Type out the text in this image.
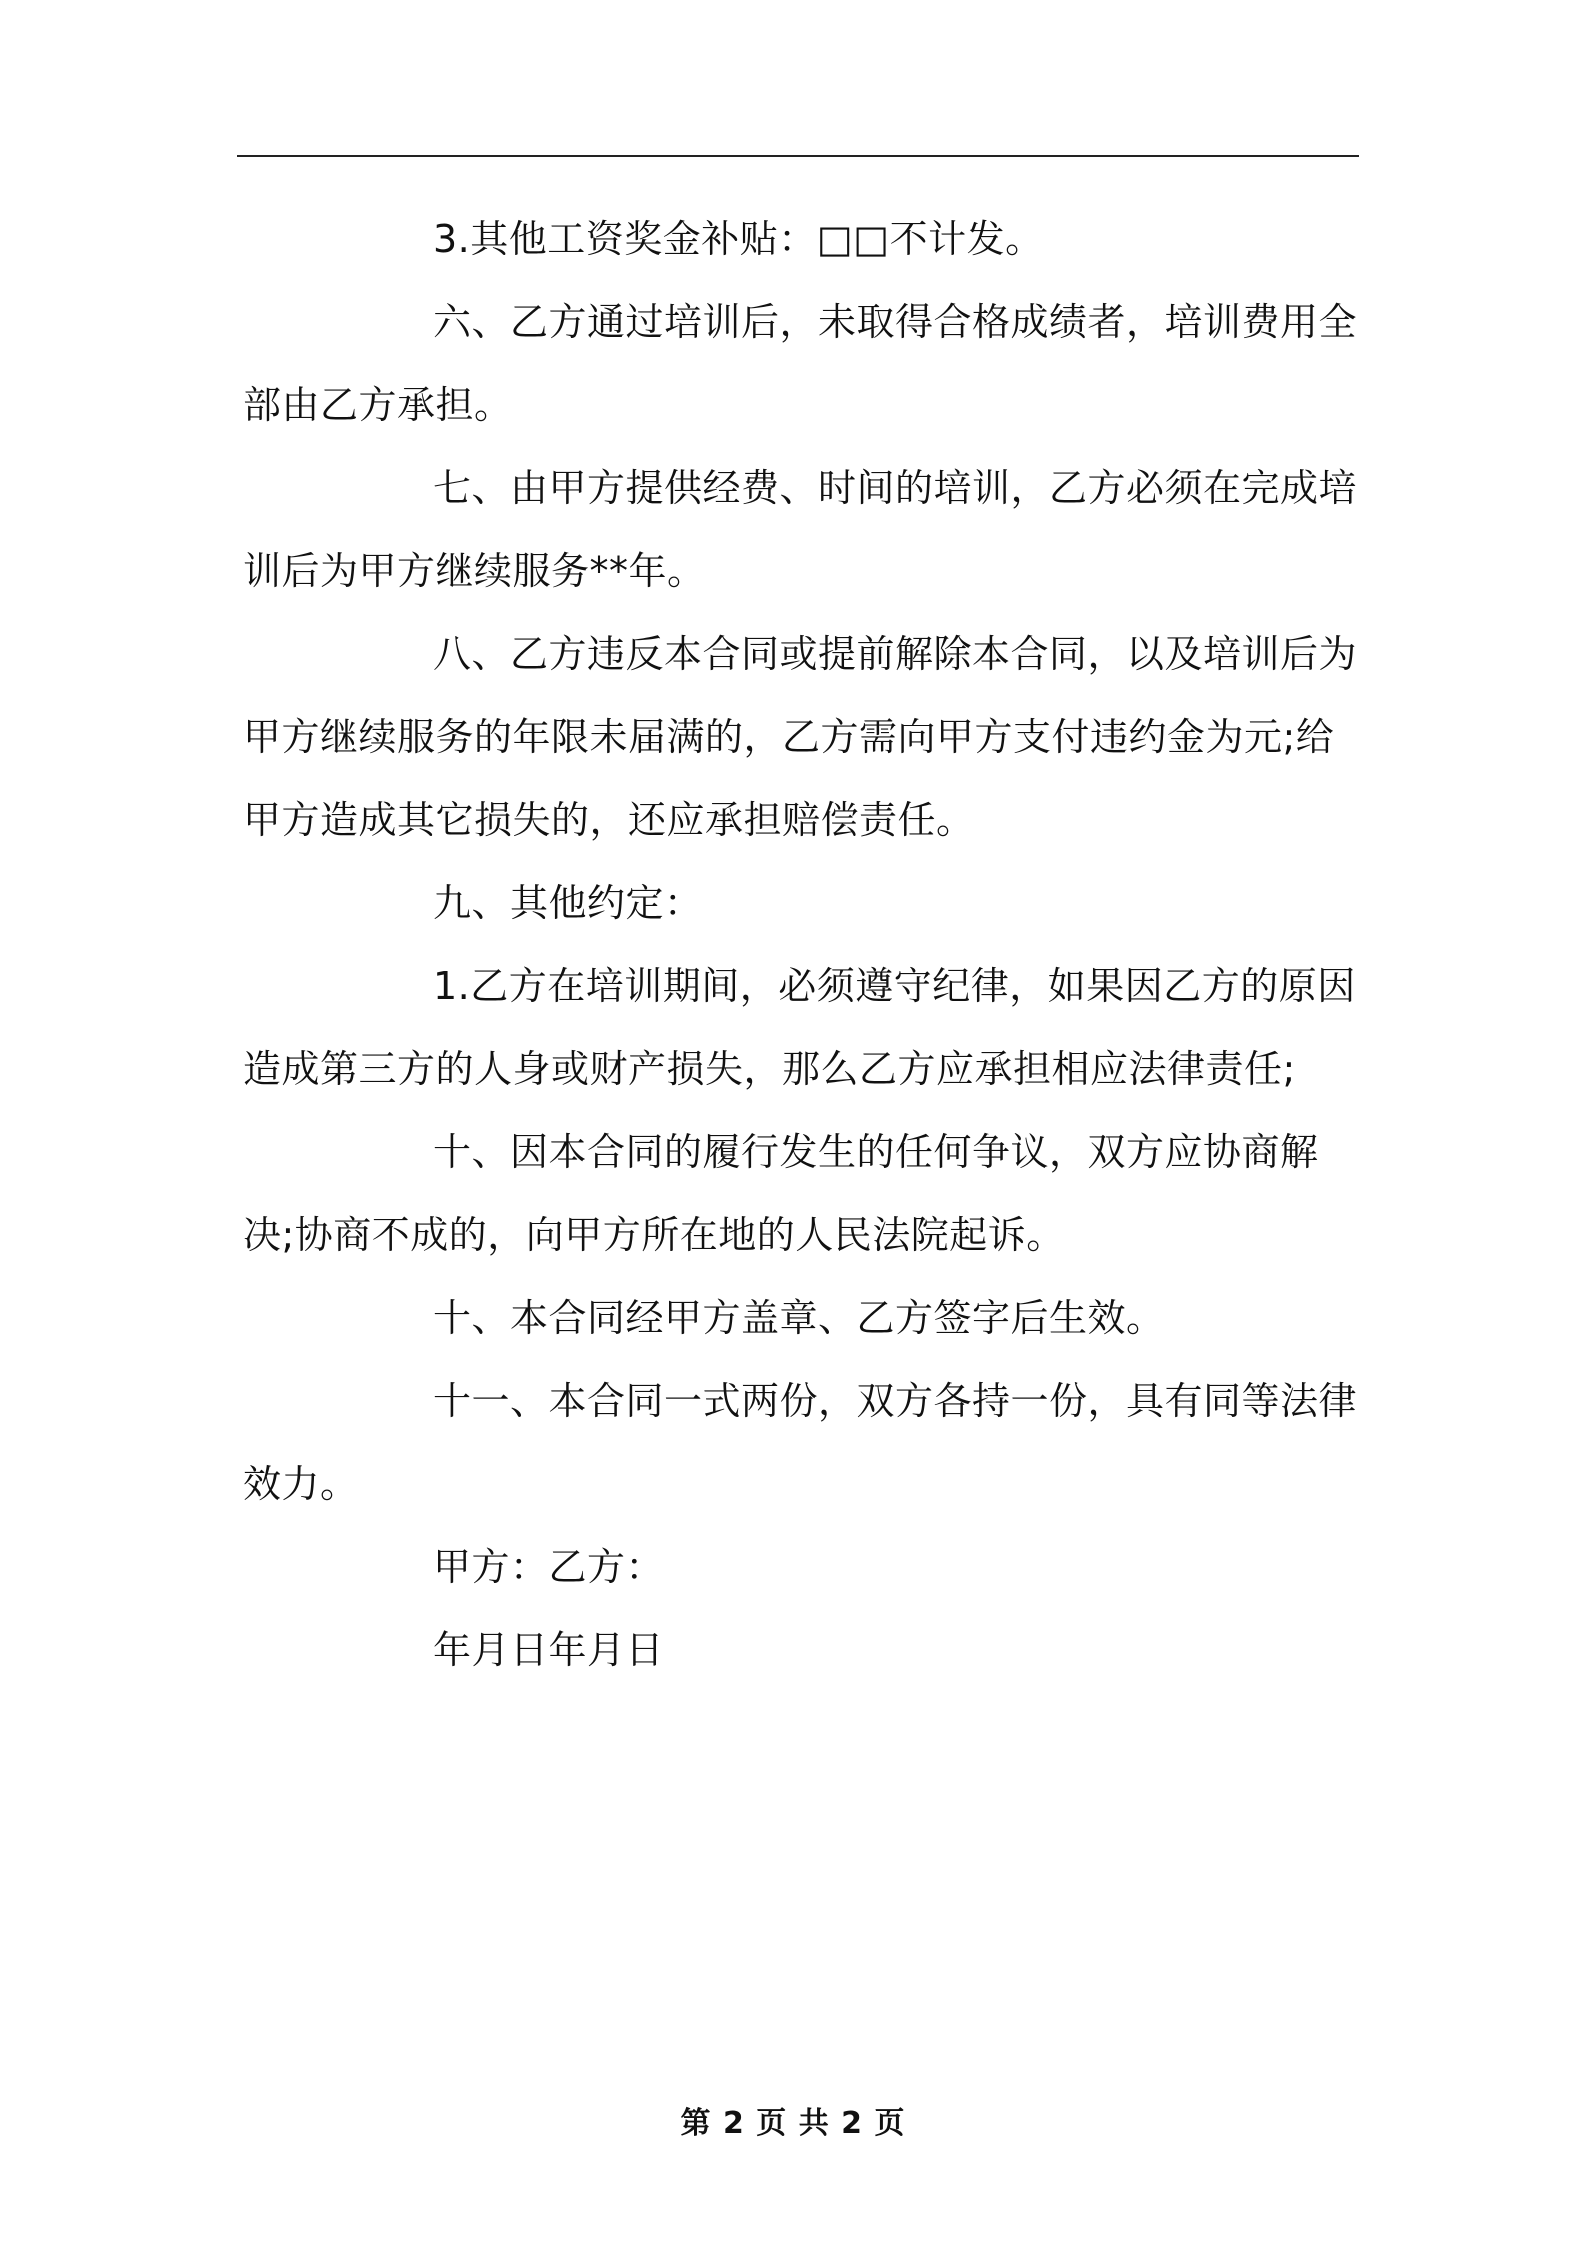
3.其他工资奖金补贴：□□不计发。

六、乙方通过培训后，未取得合格成绩者，培训费用全部由乙方承担。

七、由甲方提供经费、时间的培训，乙方必须在完成培训后为甲方继续服务**年。

八、乙方违反本合同或提前解除本合同，以及培训后为甲方继续服务的年限未届满的，乙方需向甲方支付违约金为元;给甲方造成其它损失的，还应承担赔偿责任。

九、其他约定：

1.乙方在培训期间，必须遵守纪律，如果因乙方的原因造成第三方的人身或财产损失，那么乙方应承担相应法律责任;

十、因本合同的履行发生的任何争议，双方应协商解决;协商不成的，向甲方所在地的人民法院起诉。

十、本合同经甲方盖章、乙方签字后生效。

十一、本合同一式两份，双方各持一份，具有同等法律效力。

甲方：乙方：

年月日年月日

第 2 页 共 2 页
